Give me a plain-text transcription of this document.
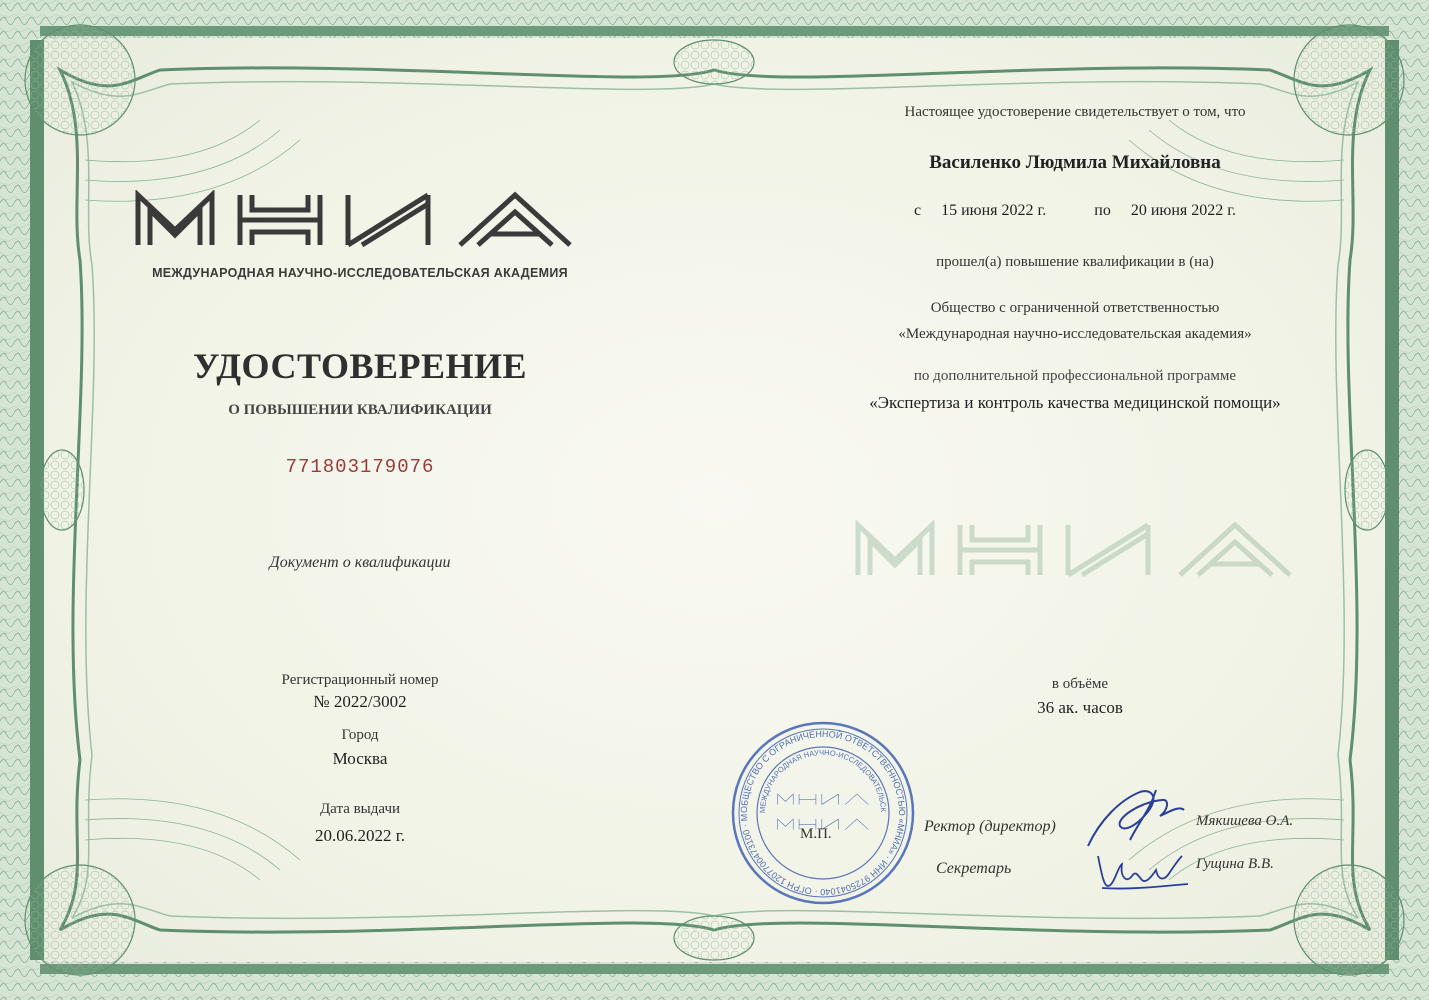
МЕЖДУНАРОДНАЯ НАУЧНО-ИССЛЕДОВАТЕЛЬСКАЯ АКАДЕМИЯ
УДОСТОВЕРЕНИЕ
О ПОВЫШЕНИИ КВАЛИФИКАЦИИ
771803179076
Документ о квалификации
Регистрационный номер
№ 2022/3002
Город
Москва
Дата выдачи
20.06.2022 г.
Настоящее удостоверение свидетельствует о том, что
Василенко Людмила Михайловна
с 15 июня 2022 г.	по 20 июня 2022 г.
прошел(а) повышение квалификации в (на)
Общество с ограниченной ответственностью
«Международная научно-исследовательская академия»
по дополнительной профессиональной программе
«Экспертиза и контроль качества медицинской помощи»
в объёме
36 ак. часов
ОБЩЕСТВО С ОГРАНИЧЕННОЙ ОТВЕТСТВЕННОСТЬЮ «МНИА» · ИНН 9725041040 · ОГРН 1207700473100 · М
МЕЖДУНАРОДНАЯ НАУЧНО-ИССЛЕДОВАТЕЛЬСК
М.П.	Ректор (директор)	Мякишева О.А.
Секретарь	Гущина В.В.
